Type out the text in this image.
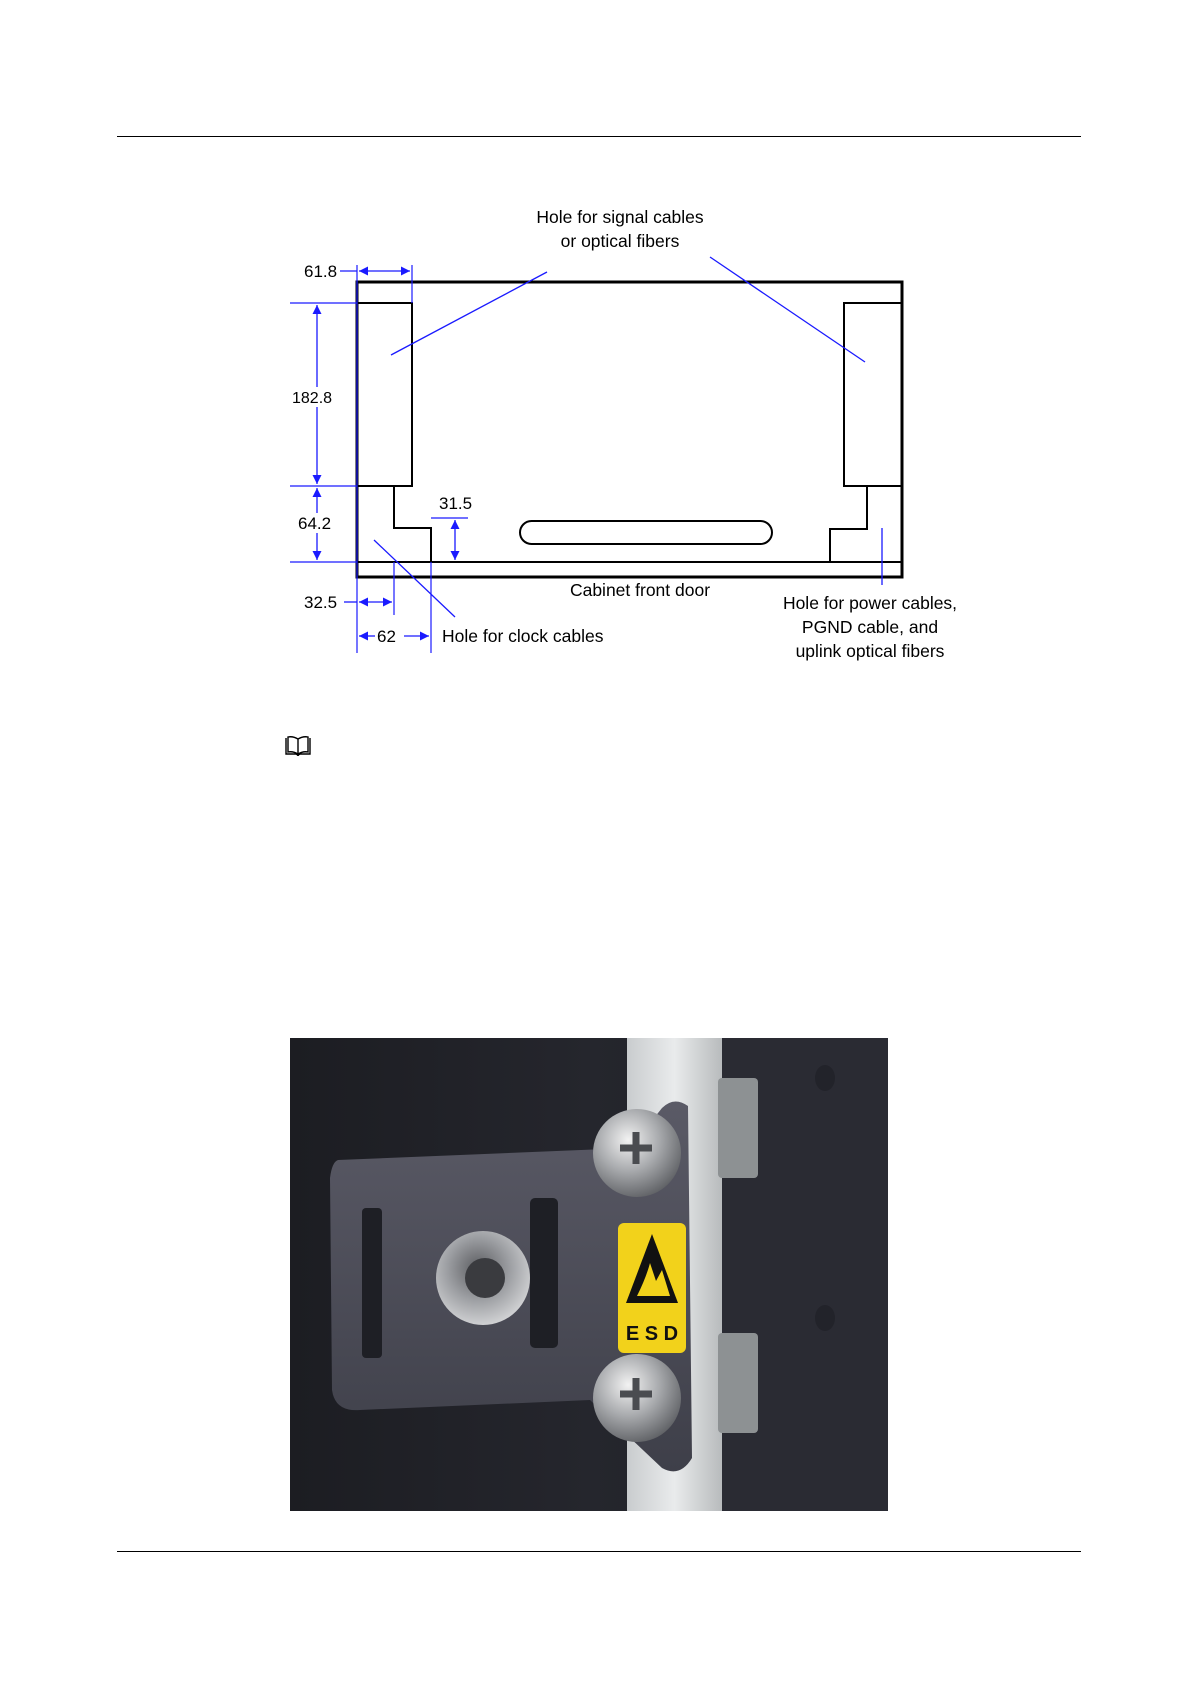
61.8
182.8
64.2
31.5
32.5
62
Hole for signal cables
or optical fibers
Cabinet front door
Hole for clock cables
Hole for power cables,
PGND cable, and
uplink optical fibers
E S D
